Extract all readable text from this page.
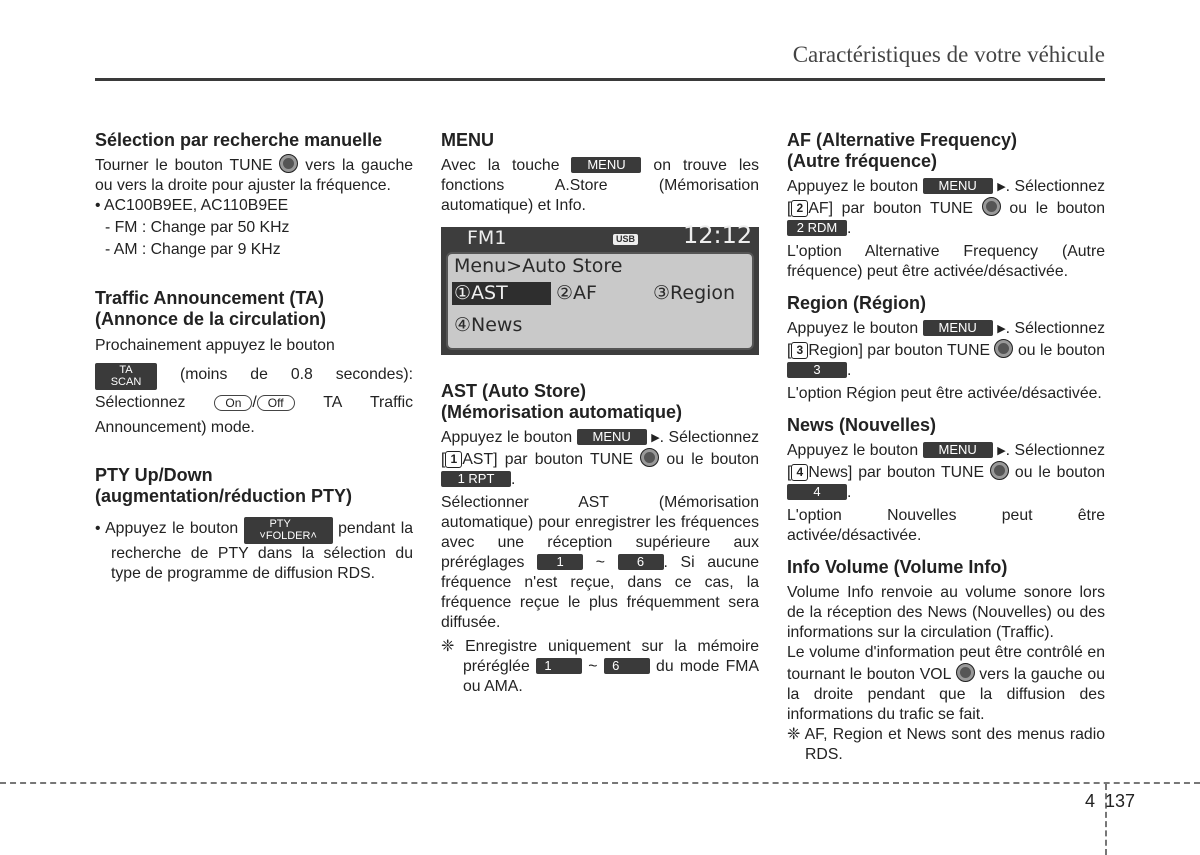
Caractéristiques de votre véhicule
Sélection par recherche manuelle

Tourner le bouton TUNE vers la gauche ou vers la droite pour ajuster la fréquence.

• AC100B9EE, AC110B9EE

- FM : Change par 50 KHz

- AM : Change par 9 KHz

Traffic Announcement (TA)
(Annonce de la circulation)

Prochainement appuyez le bouton

TA
SCAN (moins de 0.8 secondes): Sélectionnez	On / Off	TA Traffic Announcement) mode.

PTY Up/Down
(augmentation/réduction PTY)

• Appuyez le bouton	PTY
˅FOLDER˄ pendant la recherche de PTY dans la sélection du type de programme de diffusion RDS.

MENU

Avec la touche MENU on trouve les fonctions A.Store (Mémorisation automatique) et Info.

FM1	USB 12:12
Menu>Auto Store
①AST	②AF	③Region
④News
AST (Auto Store)
(Mémorisation automatique)

Appuyez le bouton MENU ▶. Sélectionnez [ 1 AST] par bouton TUNE ou le bouton 1 RPT .

Sélectionner AST (Mémorisation automatique) pour enregistrer les fréquences avec une réception supérieure aux préréglages 1 ~ 6 . Si aucune fréquence n'est reçue, dans ce cas, la fréquence reçue le plus fréquemment sera diffusée.

❈ Enregistre uniquement sur la mémoire préréglée 1 ~ 6 du mode FMA ou AMA.

AF (Alternative Frequency)
(Autre fréquence)

Appuyez le bouton MENU ▶. Sélectionnez [ 2 AF] par bouton TUNE ou le bouton 2 RDM .

L'option Alternative Frequency (Autre fréquence) peut être activée/désactivée.

Region (Région)

Appuyez le bouton MENU ▶. Sélectionnez [ 3 Region] par bouton TUNE ou le bouton 3 .

L'option Région peut être activée/désactivée.

News (Nouvelles)

Appuyez le bouton MENU ▶. Sélectionnez [ 4 News] par bouton TUNE ou le bouton 4 .

L'option Nouvelles peut être activée/désactivée.

Info Volume (Volume Info)

Volume Info renvoie au volume sonore lors de la réception des News (Nouvelles) ou des informations sur la circulation (Traffic).

Le volume d'information peut être contrôlé en tournant le bouton VOL vers la gauche ou la droite pendant que la diffusion des informations du trafic se fait.

❈ AF, Region et News sont des menus radio RDS.

4 137
